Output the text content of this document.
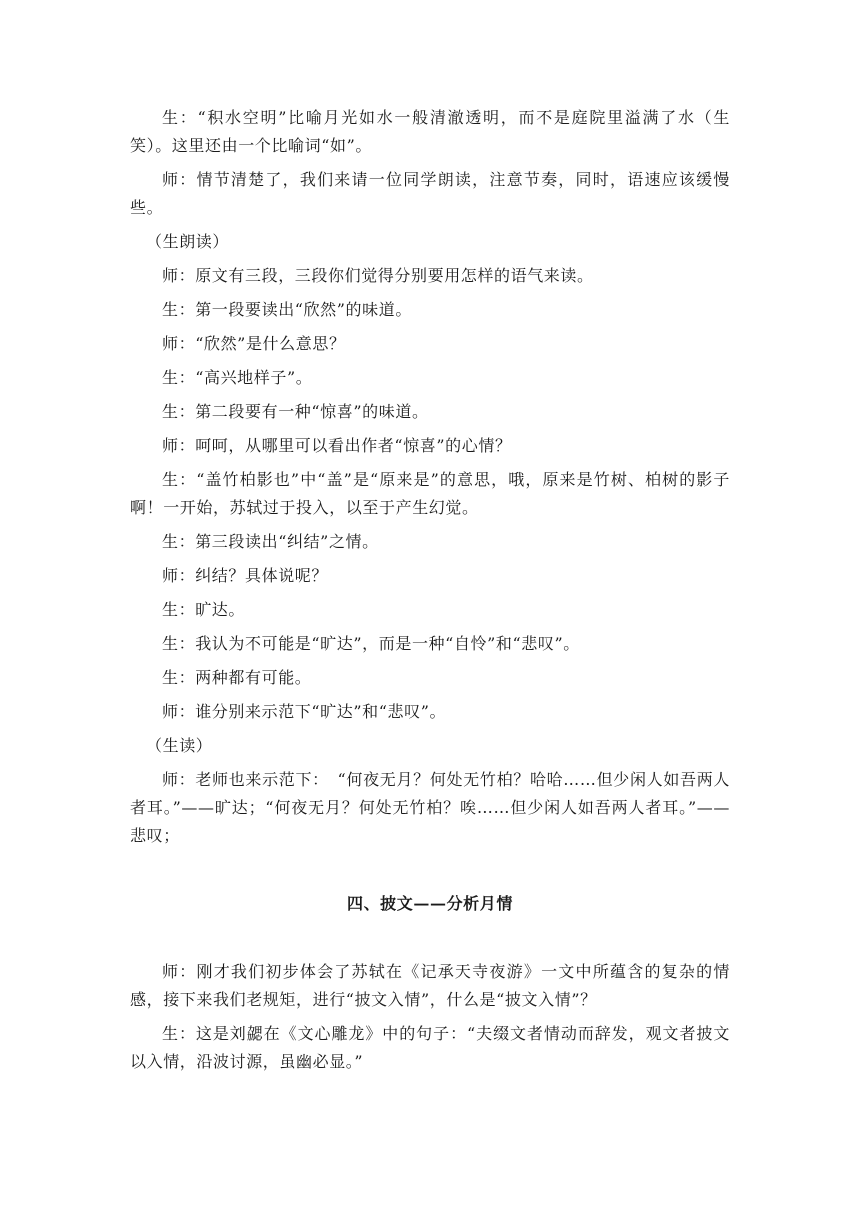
生：“积水空明”比喻月光如水一般清澈透明，而不是庭院里溢满了水（生笑）。这里还由一个比喻词“如”。

师：情节清楚了，我们来请一位同学朗读，注意节奏，同时，语速应该缓慢些。

（生朗读）

师：原文有三段，三段你们觉得分别要用怎样的语气来读。

生：第一段要读出“欣然”的味道。

师：“欣然”是什么意思？

生：“高兴地样子”。

生：第二段要有一种“惊喜”的味道。

师：呵呵，从哪里可以看出作者“惊喜”的心情？

生：“盖竹柏影也”中“盖”是“原来是”的意思，哦，原来是竹树、柏树的影子啊！一开始，苏轼过于投入，以至于产生幻觉。

生：第三段读出“纠结”之情。

师：纠结？具体说呢？

生：旷达。

生：我认为不可能是“旷达”，而是一种“自怜”和“悲叹”。

生：两种都有可能。

师：谁分别来示范下“旷达”和“悲叹”。

（生读）

师：老师也来示范下：　“何夜无月？何处无竹柏？哈哈……但少闲人如吾两人者耳。”——旷达；“何夜无月？何处无竹柏？唉……但少闲人如吾两人者耳。”——悲叹；

四、披文——分析月情

师：刚才我们初步体会了苏轼在《记承天寺夜游》一文中所蕴含的复杂的情感，接下来我们老规矩，进行“披文入情”，什么是“披文入情”？

生：这是刘勰在《文心雕龙》中的句子：“夫缀文者情动而辞发，观文者披文以入情，沿波讨源，虽幽必显。”
